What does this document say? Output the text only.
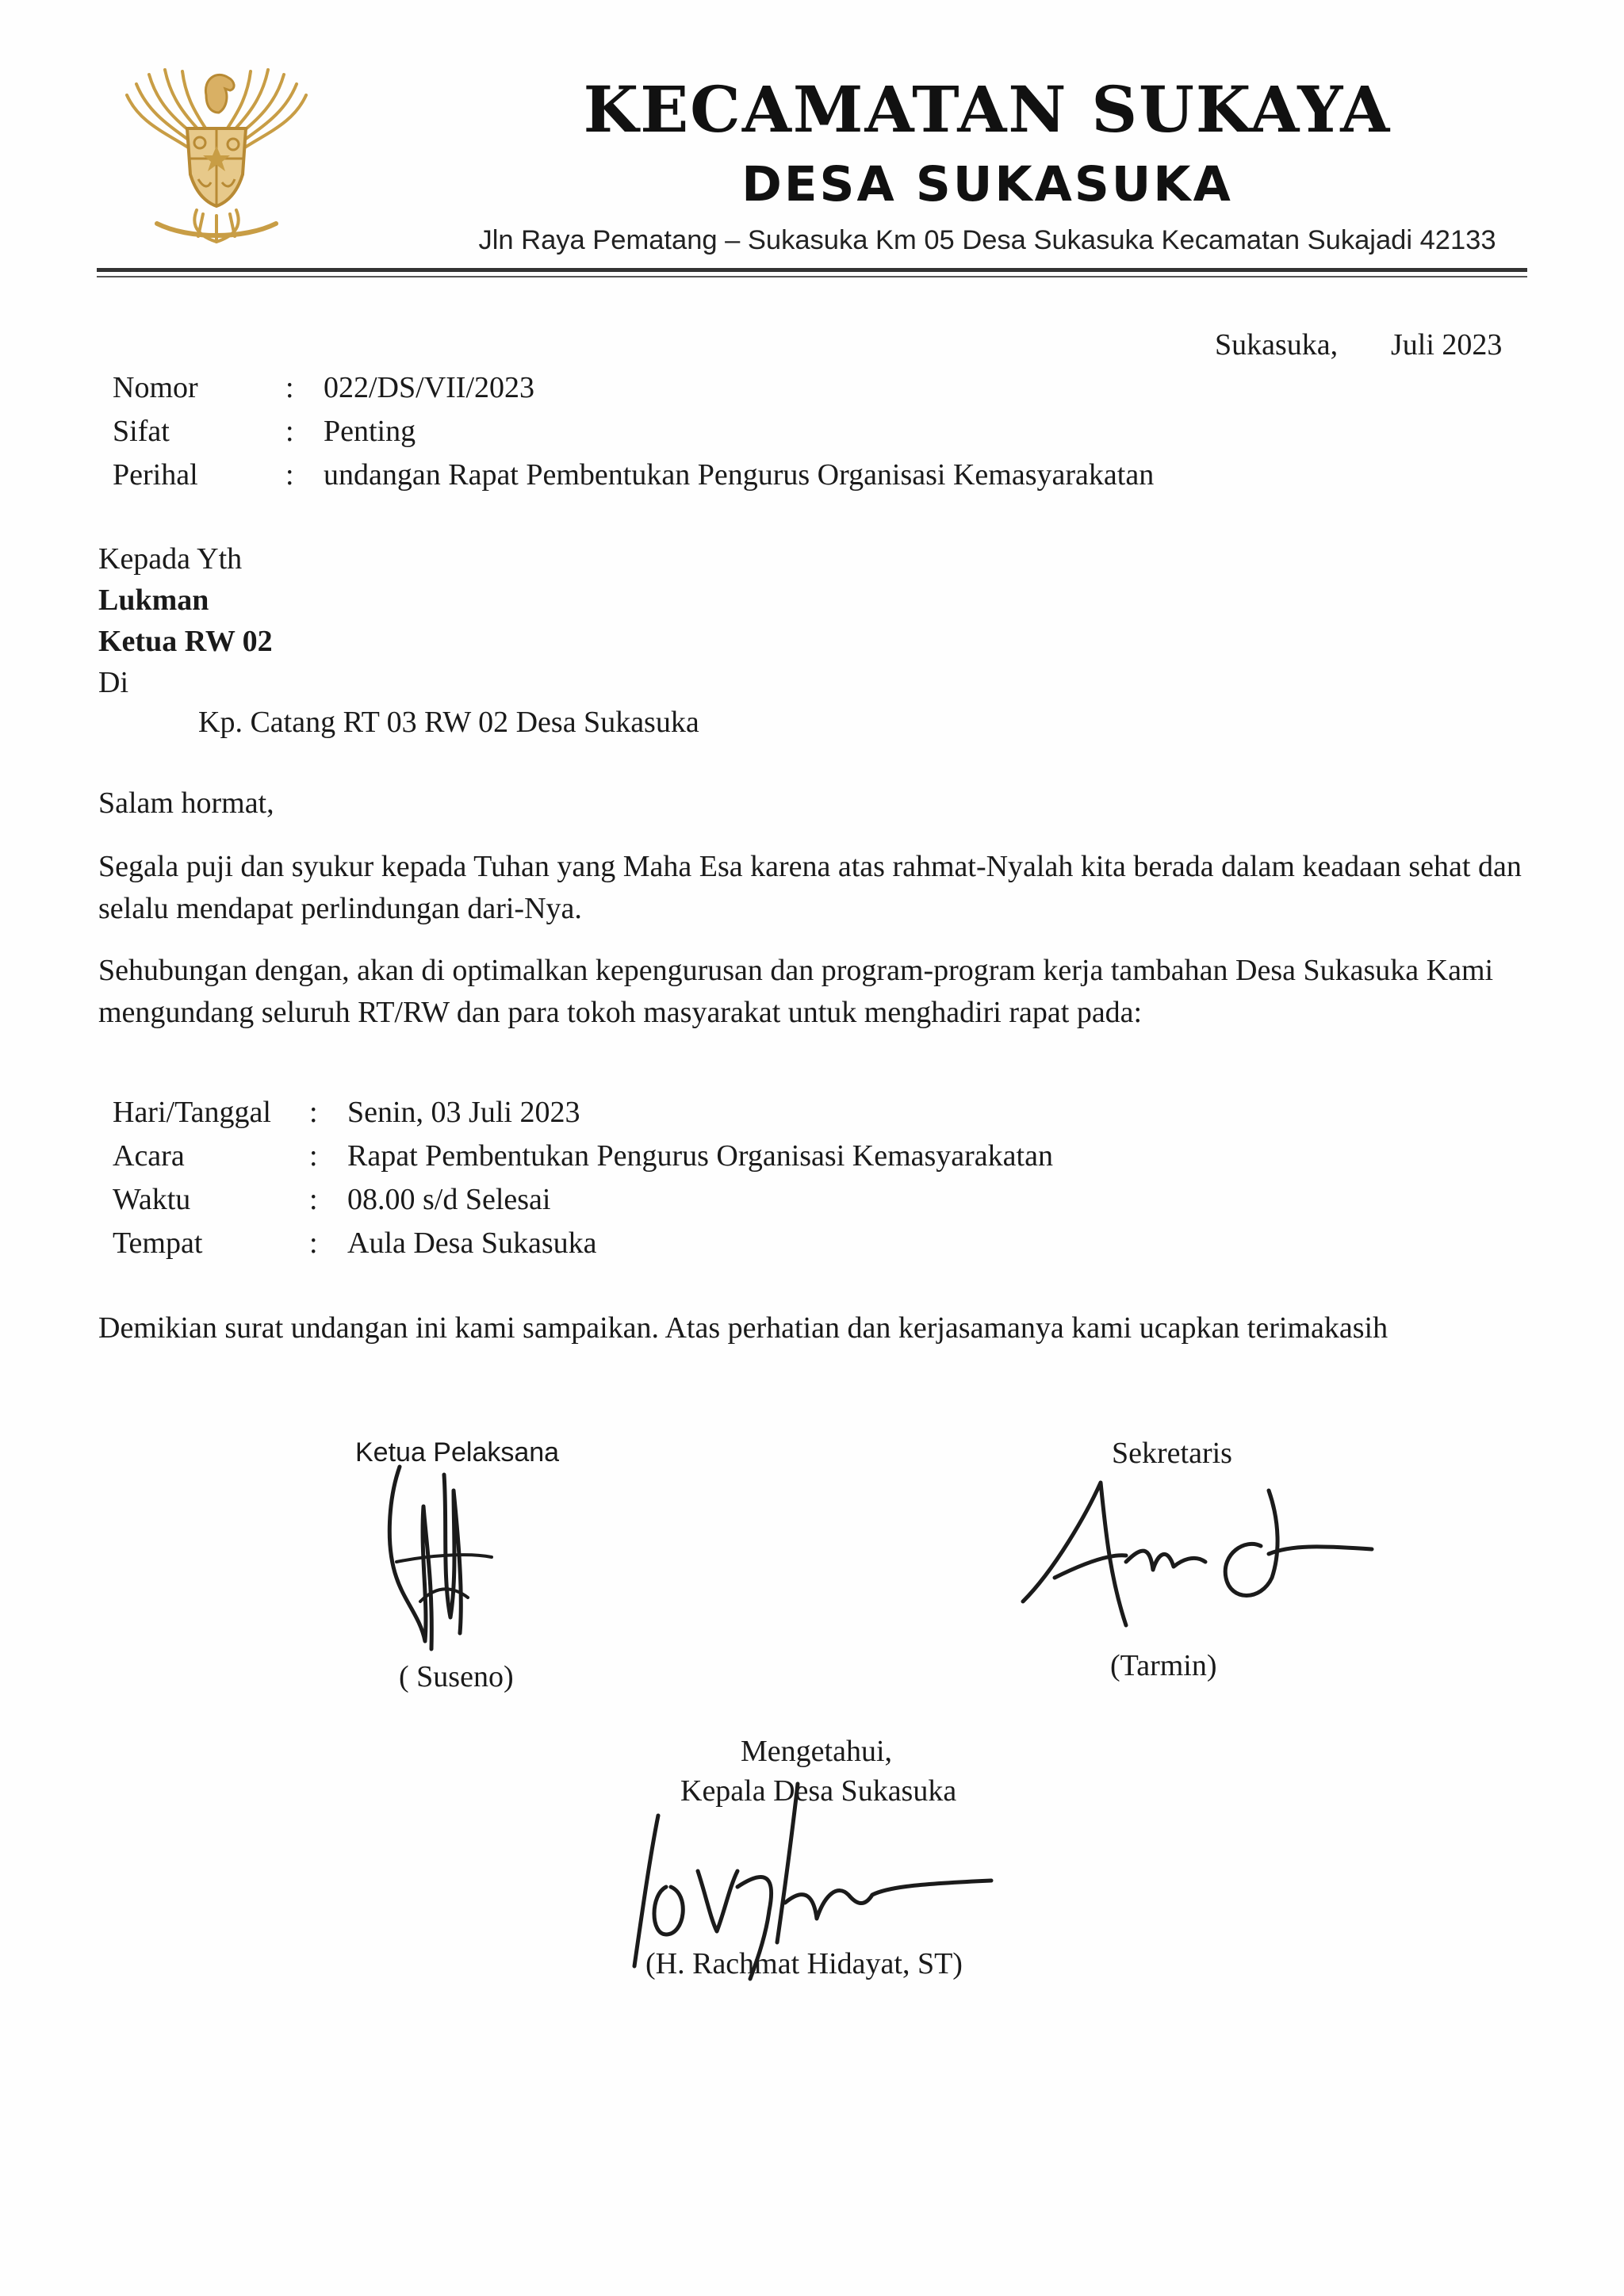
KECAMATAN SUKAYA
DESA SUKASUKA
Jln Raya Pematang – Sukasuka Km 05 Desa Sukasuka Kecamatan Sukajadi 42133
Sukasuka, Juli 2023
Nomor	: 022/DS/VII/2023
Sifat	: Penting
Perihal	: undangan Rapat Pembentukan Pengurus Organisasi Kemasyarakatan
Kepada Yth
Lukman
Ketua RW 02
Di
Kp. Catang RT 03 RW 02 Desa Sukasuka
Salam hormat,
Segala puji dan syukur kepada Tuhan yang Maha Esa karena atas rahmat-Nyalah kita berada dalam keadaan sehat dan selalu mendapat perlindungan dari-Nya.
Sehubungan dengan, akan di optimalkan kepengurusan dan program-program kerja tambahan Desa Sukasuka Kami mengundang seluruh RT/RW dan para tokoh masyarakat untuk menghadiri rapat pada:
Hari/Tanggal : Senin, 03 Juli 2023
Acara	: Rapat Pembentukan Pengurus Organisasi Kemasyarakatan
Waktu	: 08.00 s/d Selesai
Tempat	: Aula Desa Sukasuka
Demikian surat undangan ini kami sampaikan. Atas perhatian dan kerjasamanya kami ucapkan terimakasih
Ketua Pelaksana
( Suseno)
Sekretaris
(Tarmin)
Mengetahui,
Kepala Desa Sukasuka
(H. Rachmat Hidayat, ST)
